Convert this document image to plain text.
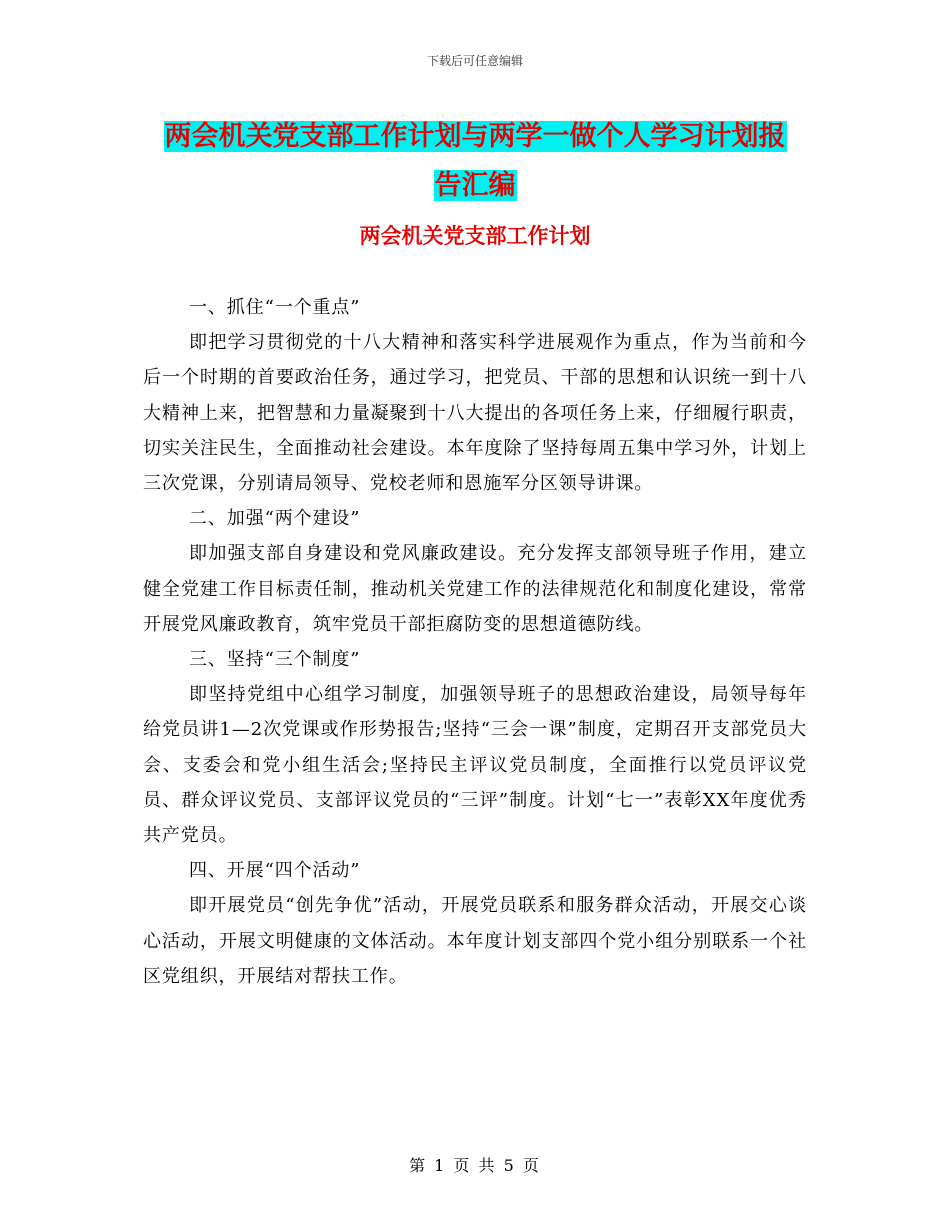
下载后可任意编辑
两会机关党支部工作计划与两学一做个人学习计划报
告汇编
两会机关党支部工作计划

一、抓住“一个重点”

即把学习贯彻党的十八大精神和落实科学进展观作为重点，作为当前和今后一个时期的首要政治任务，通过学习，把党员、干部的思想和认识统一到十八大精神上来，把智慧和力量凝聚到十八大提出的各项任务上来，仔细履行职责，切实关注民生，全面推动社会建设。本年度除了坚持每周五集中学习外，计划上三次党课，分别请局领导、党校老师和恩施军分区领导讲课。

二、加强“两个建设”

即加强支部自身建设和党风廉政建设。充分发挥支部领导班子作用，建立健全党建工作目标责任制，推动机关党建工作的法律规范化和制度化建设，常常开展党风廉政教育，筑牢党员干部拒腐防变的思想道德防线。

三、坚持“三个制度”

即坚持党组中心组学习制度，加强领导班子的思想政治建设，局领导每年给党员讲1—2次党课或作形势报告;坚持“三会一课”制度，定期召开支部党员大会、支委会和党小组生活会;坚持民主评议党员制度，全面推行以党员评议党员、群众评议党员、支部评议党员的“三评”制度。计划“七一”表彰XX年度优秀共产党员。

四、开展“四个活动”

即开展党员“创先争优”活动，开展党员联系和服务群众活动，开展交心谈心活动，开展文明健康的文体活动。本年度计划支部四个党小组分别联系一个社区党组织，开展结对帮扶工作。

第 1 页 共 5 页
